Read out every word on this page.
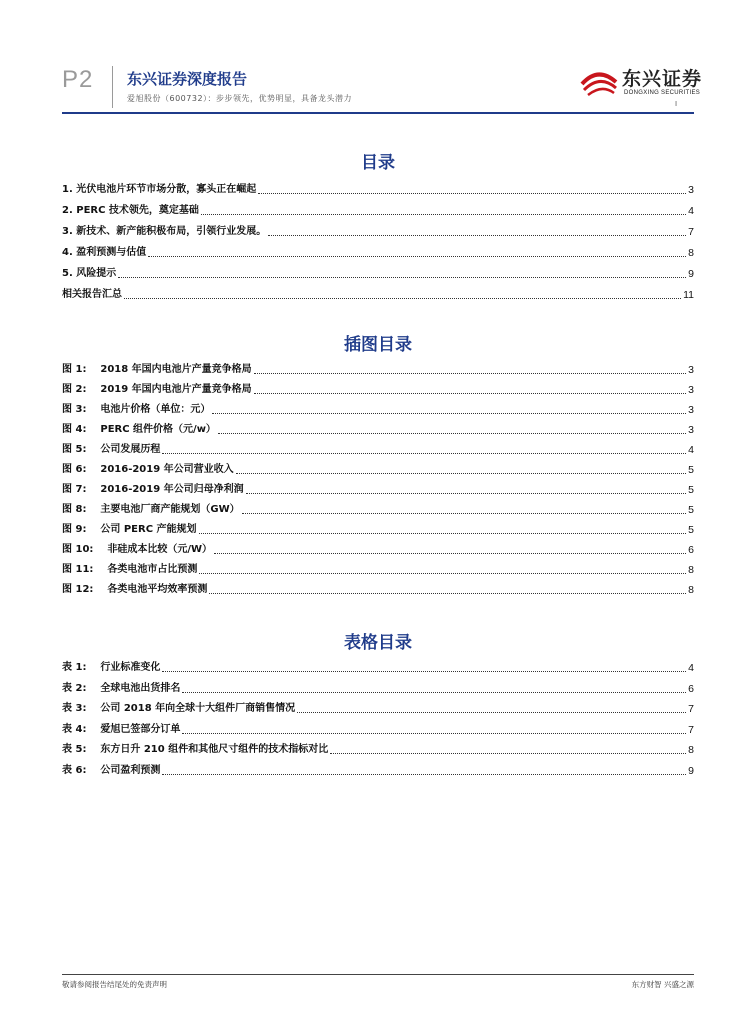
P2 东兴证券深度报告
爱旭股份（600732）：步步领先，优势明显，具备龙头潜力
东兴证券
DONGXING SECURITIES
I
目录
1. 光伏电池片环节市场分散，寡头正在崛起	3
2. PERC 技术领先，奠定基础	4
3. 新技术、新产能积极布局，引领行业发展。	7
4. 盈利预测与估值	8
5. 风险提示	9
相关报告汇总	11
插图目录
图 1:    2018 年国内电池片产量竞争格局	3
图 2:    2019 年国内电池片产量竞争格局	3
图 3:    电池片价格（单位：元）	3
图 4:    PERC 组件价格（元/w）	3
图 5:    公司发展历程	4
图 6:    2016-2019 年公司营业收入	5
图 7:    2016-2019 年公司归母净利润	5
图 8:    主要电池厂商产能规划（GW）	5
图 9:    公司 PERC 产能规划	5
图 10:    非硅成本比较（元/W）	6
图 11:    各类电池市占比预测	8
图 12:    各类电池平均效率预测	8
表格目录
表 1:    行业标准变化	4
表 2:    全球电池出货排名	6
表 3:    公司 2018 年向全球十大组件厂商销售情况	7
表 4:    爱旭已签部分订单	7
表 5:    东方日升 210 组件和其他尺寸组件的技术指标对比	8
表 6:    公司盈利预测	9
敬请参阅报告结尾处的免责声明	东方财智 兴盛之源
